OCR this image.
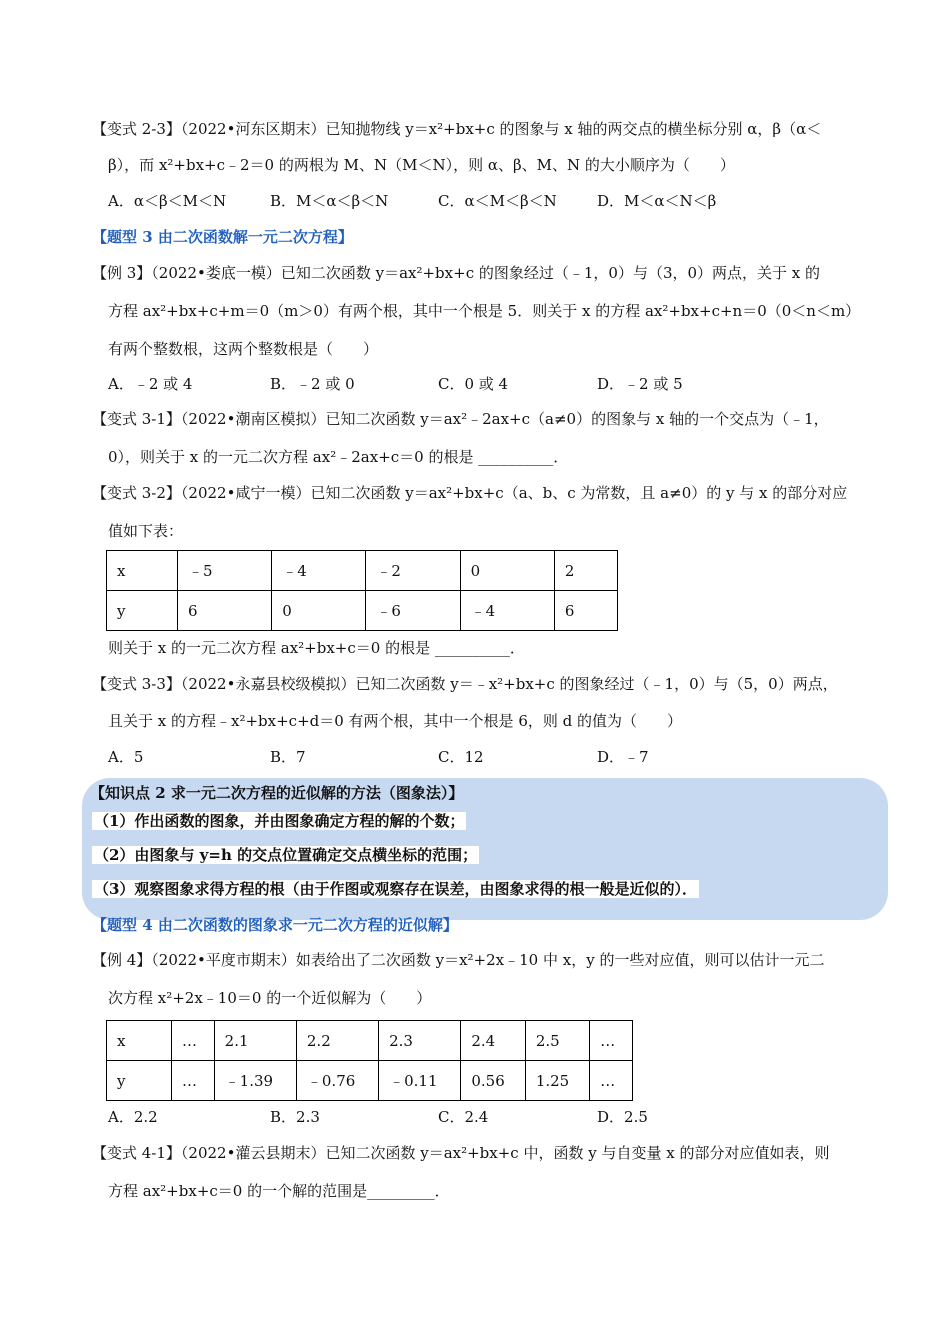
【变式 2-3】（2022•河东区期末）已知抛物线 y＝x²+bx+c 的图象与 x 轴的两交点的横坐标分别 α，β（α＜
β），而 x²+bx+c﹣2＝0 的两根为 M、N（M＜N），则 α、β、M、N 的大小顺序为（　　）
A．α＜β＜M＜N	B．M＜α＜β＜N	C．α＜M＜β＜N	D．M＜α＜N＜β
【题型 3 由二次函数解一元二次方程】
【例 3】（2022•娄底一模）已知二次函数 y＝ax²+bx+c 的图象经过（﹣1，0）与（3，0）两点，关于 x 的
方程 ax²+bx+c+m＝0（m＞0）有两个根，其中一个根是 5．则关于 x 的方程 ax²+bx+c+n＝0（0＜n＜m）
有两个整数根，这两个整数根是（　　）
A．﹣2 或 4	B．﹣2 或 0	C．0 或 4	D．﹣2 或 5
【变式 3-1】（2022•潮南区模拟）已知二次函数 y＝ax²﹣2ax+c（a≠0）的图象与 x 轴的一个交点为（﹣1，
0），则关于 x 的一元二次方程 ax²﹣2ax+c＝0 的根是 __________．
【变式 3-2】（2022•咸宁一模）已知二次函数 y＝ax²+bx+c（a、b、c 为常数，且 a≠0）的 y 与 x 的部分对应
值如下表：
x	﹣5	﹣4	﹣2	0	2
y	6	0	﹣6	﹣4	6
则关于 x 的一元二次方程 ax²+bx+c＝0 的根是 __________．
【变式 3-3】（2022•永嘉县校级模拟）已知二次函数 y＝﹣x²+bx+c 的图象经过（﹣1，0）与（5，0）两点，
且关于 x 的方程﹣x²+bx+c+d＝0 有两个根，其中一个根是 6，则 d 的值为（　　）
A．5	B．7	C．12	D．﹣7
【知识点 2 求一元二次方程的近似解的方法（图象法）】
（1）作出函数的图象，并由图象确定方程的解的个数；
（2）由图象与 y=h 的交点位置确定交点横坐标的范围；
（3）观察图象求得方程的根（由于作图或观察存在误差，由图象求得的根一般是近似的）．
【题型 4 由二次函数的图象求一元二次方程的近似解】
【例 4】（2022•平度市期末）如表给出了二次函数 y＝x²+2x﹣10 中 x，y 的一些对应值，则可以估计一元二
次方程 x²+2x﹣10＝0 的一个近似解为（　　）
x	…	2.1	2.2	2.3	2.4	2.5	…
y	…	﹣1.39	﹣0.76	﹣0.11	0.56	1.25	…
A．2.2	B．2.3	C．2.4	D．2.5
【变式 4-1】（2022•灌云县期末）已知二次函数 y＝ax²+bx+c 中，函数 y 与自变量 x 的部分对应值如表，则
方程 ax²+bx+c＝0 的一个解的范围是_________．
